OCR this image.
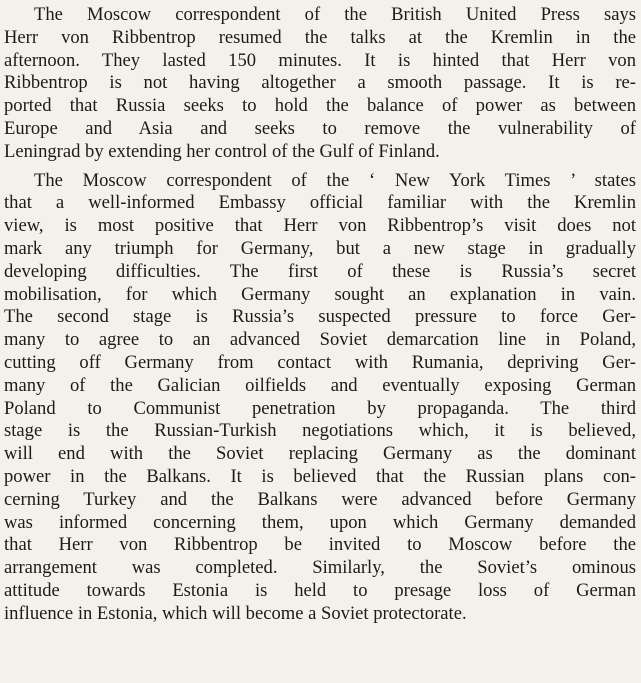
The Moscow correspondent of the British United Press says
Herr von Ribbentrop resumed the talks at the Kremlin in the
afternoon. They lasted 150 minutes. It is hinted that Herr von
Ribbentrop is not having altogether a smooth passage. It is re-
ported that Russia seeks to hold the balance of power as between
Europe and Asia and seeks to remove the vulnerability of
Leningrad by extending her control of the Gulf of Finland.

The Moscow correspondent of the ‘ New York Times ’ states
that a well-informed Embassy official familiar with the Kremlin
view, is most positive that Herr von Ribbentrop’s visit does not
mark any triumph for Germany, but a new stage in gradually
developing difficulties. The first of these is Russia’s secret
mobilisation, for which Germany sought an explanation in vain.
The second stage is Russia’s suspected pressure to force Ger-
many to agree to an advanced Soviet demarcation line in Poland,
cutting off Germany from contact with Rumania, depriving Ger-
many of the Galician oilfields and eventually exposing German
Poland to Communist penetration by propaganda. The third
stage is the Russian-Turkish negotiations which, it is believed,
will end with the Soviet replacing Germany as the dominant
power in the Balkans. It is believed that the Russian plans con-
cerning Turkey and the Balkans were advanced before Germany
was informed concerning them, upon which Germany demanded
that Herr von Ribbentrop be invited to Moscow before the
arrangement was completed. Similarly, the Soviet’s ominous
attitude towards Estonia is held to presage loss of German
influence in Estonia, which will become a Soviet protectorate.
